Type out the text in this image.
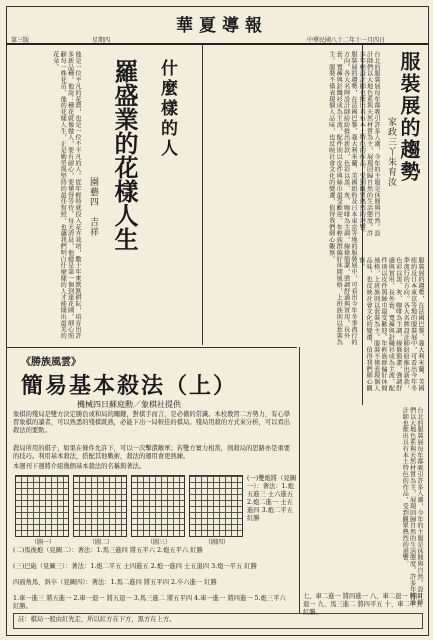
華夏導報
第三版	星期四	中華民國八十二年十一月四日
服裝展的趨勢
家政三丫朱育汝
服裝展的趨勢，在法國巴黎、義大利米蘭、美國紐約及日本東京等地的服裝展中，可看出今年冬季流行的方向。各大名牌設計師紛紛推出新款，色彩以黑、灰、咖啡為主調，線條簡潔，強調舒適與實用。長外套、寬褲與針織衫成為主流，配件則以皮件與絲巾最受歡迎。年輕族群偏好休閒風格，上班族則以套裝為主。服裝不僅表現個人品味，也反映社會文化的變遷，值得我們細心觀察。
台北的服裝展每年都吸引許多人潮，今年的主題是休閒與自然。設計師們以大地色系與天然材質為主，展現回歸自然的生活態度。許多年輕設計師也推出具有本土特色的作品，受到觀眾熱烈的迴響。
服裝展的趨勢，在法國巴黎、義大利米蘭、美國紐約及日本東京等地的服裝展中，可看出今年冬季流行的方向。各大名牌設計師紛紛推出新款，色彩以黑、灰、咖啡為主調，線條簡潔，強調舒適與實用。長外套、寬褲與針織衫成為主流，配件則以皮件與絲巾最受歡迎。年輕族群偏好休閒風格，上班族則以套裝為主。服裝不僅表現個人品味，也反映社會文化的變遷，值得我們細心觀察。
什麼樣的人
羅盛業的花樣人生
園藝四　吉祥
他是一位平凡的花農，也是一位不平凡的人。從年輕時就投入花卉栽培，數十年來默默耕耘，培育出許多新品種。他說：種花就像做人，要有耐心，要懂得等待。每天清晨，他總是第一個到達花圃，細心照顧每一株花苗。他的花樣人生，正是勤勞與堅持的最佳寫照，也讓我們明白什麼樣的人才能開出最美的花朵。
《勝族風雲》
簡易基本殺法（上）
機械四日蘇庭勳／象棋社提供
象棋的殘局是雙方決定勝負或和局的關鍵，對棋手而言，是必備的常識。本校教習二方勢力，有心學習象棋的讀者，可以熟悉的殘棋既熟，必能下出一局較佳的棋局。殘局用殺的方式來分析，可以看出殺法的要點。
殺局所用的棋子，如果在條件允許下，可以一次擊潰敵軍；若雙方實力相當，則殺局的思路亦是重要的技巧。利用基本殺法，搭配其他戰術，殺法的運用會更熟練。
本週刊下週將介紹幾個基本殺法的名稱與著法。
（圖一）	（圖二）	（圖三）	（圖四）
(一)雙炮將（見圖一）：著法：1.炮五進三 士六進五 2.炮二進一 士五進四 3.炮二平五 紅勝
(二)馬後炮（見圖二）：著法：1.馬三進四 將五平六 2.炮五平六 紅勝
(三)巴砲（見圖三）：著法：1.炮二平五 士四進五 2.炮一進四 士五退四 3.炮一平五 紅勝
四面角馬、斜卒（見圖四）：著法：1.馬二進四 將五平四 2.卒六進一 紅勝
1.車一進三 將五進一 2.車一退一 將五退一 3.馬三進二 將五平四 4.車一進一 將四進一 5.炮三平六 紅勝。
台北的服裝展每年都吸引許多人潮，今年的主題是休閒與自然。設計師們以大地色系與天然材質為主，展現回歸自然的生活態度。許多年輕設計師也推出具有本土特色的作品，受到觀眾熱烈的迴響。
註：棋局一般由紅先走，所以紅方在下方，黑方在上方。
七、車二進一 將四進一 八、車二退一 將四退一 九、馬三進二 將四平五 十、車二平五 紅勝。
